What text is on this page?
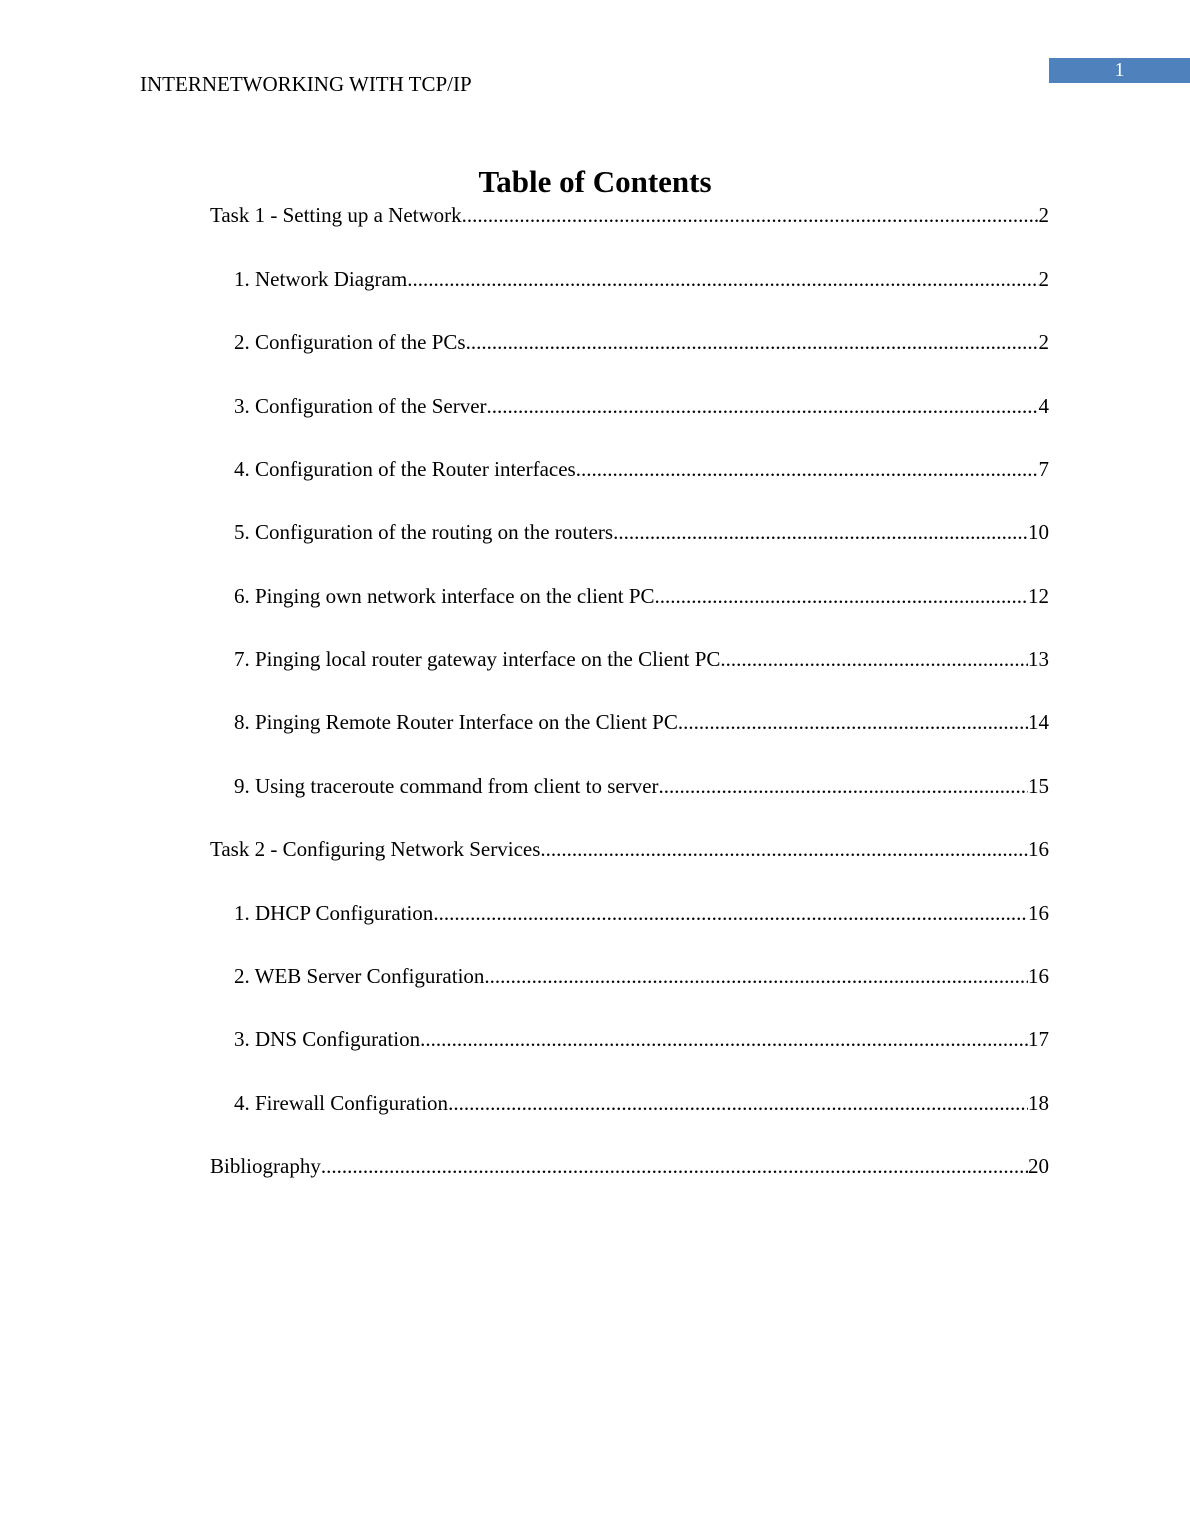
INTERNETWORKING WITH TCP/IP
1
Table of Contents
Task 1 - Setting up a Network .....	2
1. Network Diagram .....	2
2. Configuration of the PCs .....	2
3. Configuration of the Server .....	4
4. Configuration of the Router interfaces .....	7
5. Configuration of the routing on the routers .....	10
6. Pinging own network interface on the client PC .....	12
7. Pinging local router gateway interface on the Client PC .....	13
8. Pinging Remote Router Interface on the Client PC .....	14
9. Using traceroute command from client to server .....	15
Task 2 - Configuring Network Services .....	16
1. DHCP Configuration .....	16
2. WEB Server Configuration .....	16
3. DNS Configuration .....	17
4. Firewall Configuration .....	18
Bibliography .....	20
